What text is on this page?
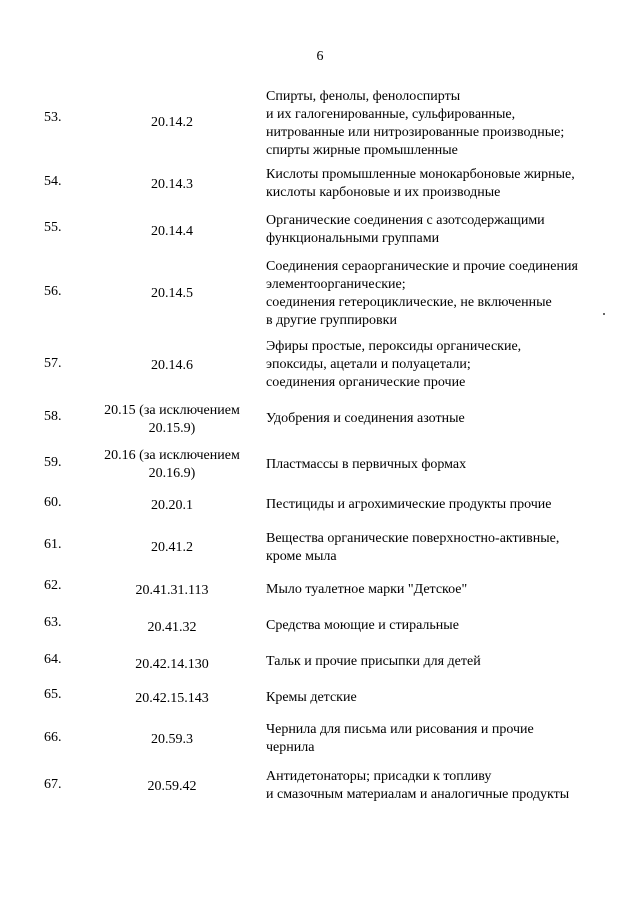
6
53.	20.14.2
Спирты, фенолы, фенолоспирты
и их галогенированные, сульфированные,
нитрованные или нитрозированные производные;
спирты жирные промышленные
54.	20.14.3
Кислоты промышленные монокарбоновые жирные,
кислоты карбоновые и их производные
55.	20.14.4
Органические соединения с азотсодержащими
функциональными группами
56.	20.14.5
Соединения сераорганические и прочие соединения
элементоорганические;
соединения гетероциклические, не включенные
в другие группировки
57.	20.14.6
Эфиры простые, пероксиды органические,
эпоксиды, ацетали и полуацетали;
соединения органические прочие
58.	20.15 (за исключением
20.15.9)
Удобрения и соединения азотные
59.	20.16 (за исключением
20.16.9)
Пластмассы в первичных формах
60.	20.20.1	Пестициды и агрохимические продукты прочие
61.	20.41.2
Вещества органические поверхностно-активные,
кроме мыла
62.	20.41.31.113	Мыло туалетное марки "Детское"
63.	20.41.32	Средства моющие и стиральные
64.	20.42.14.130	Тальк и прочие присыпки для детей
65.	20.42.15.143	Кремы детские
66.	20.59.3
Чернила для письма или рисования и прочие
чернила
67.	20.59.42
Антидетонаторы; присадки к топливу
и смазочным материалам и аналогичные продукты
